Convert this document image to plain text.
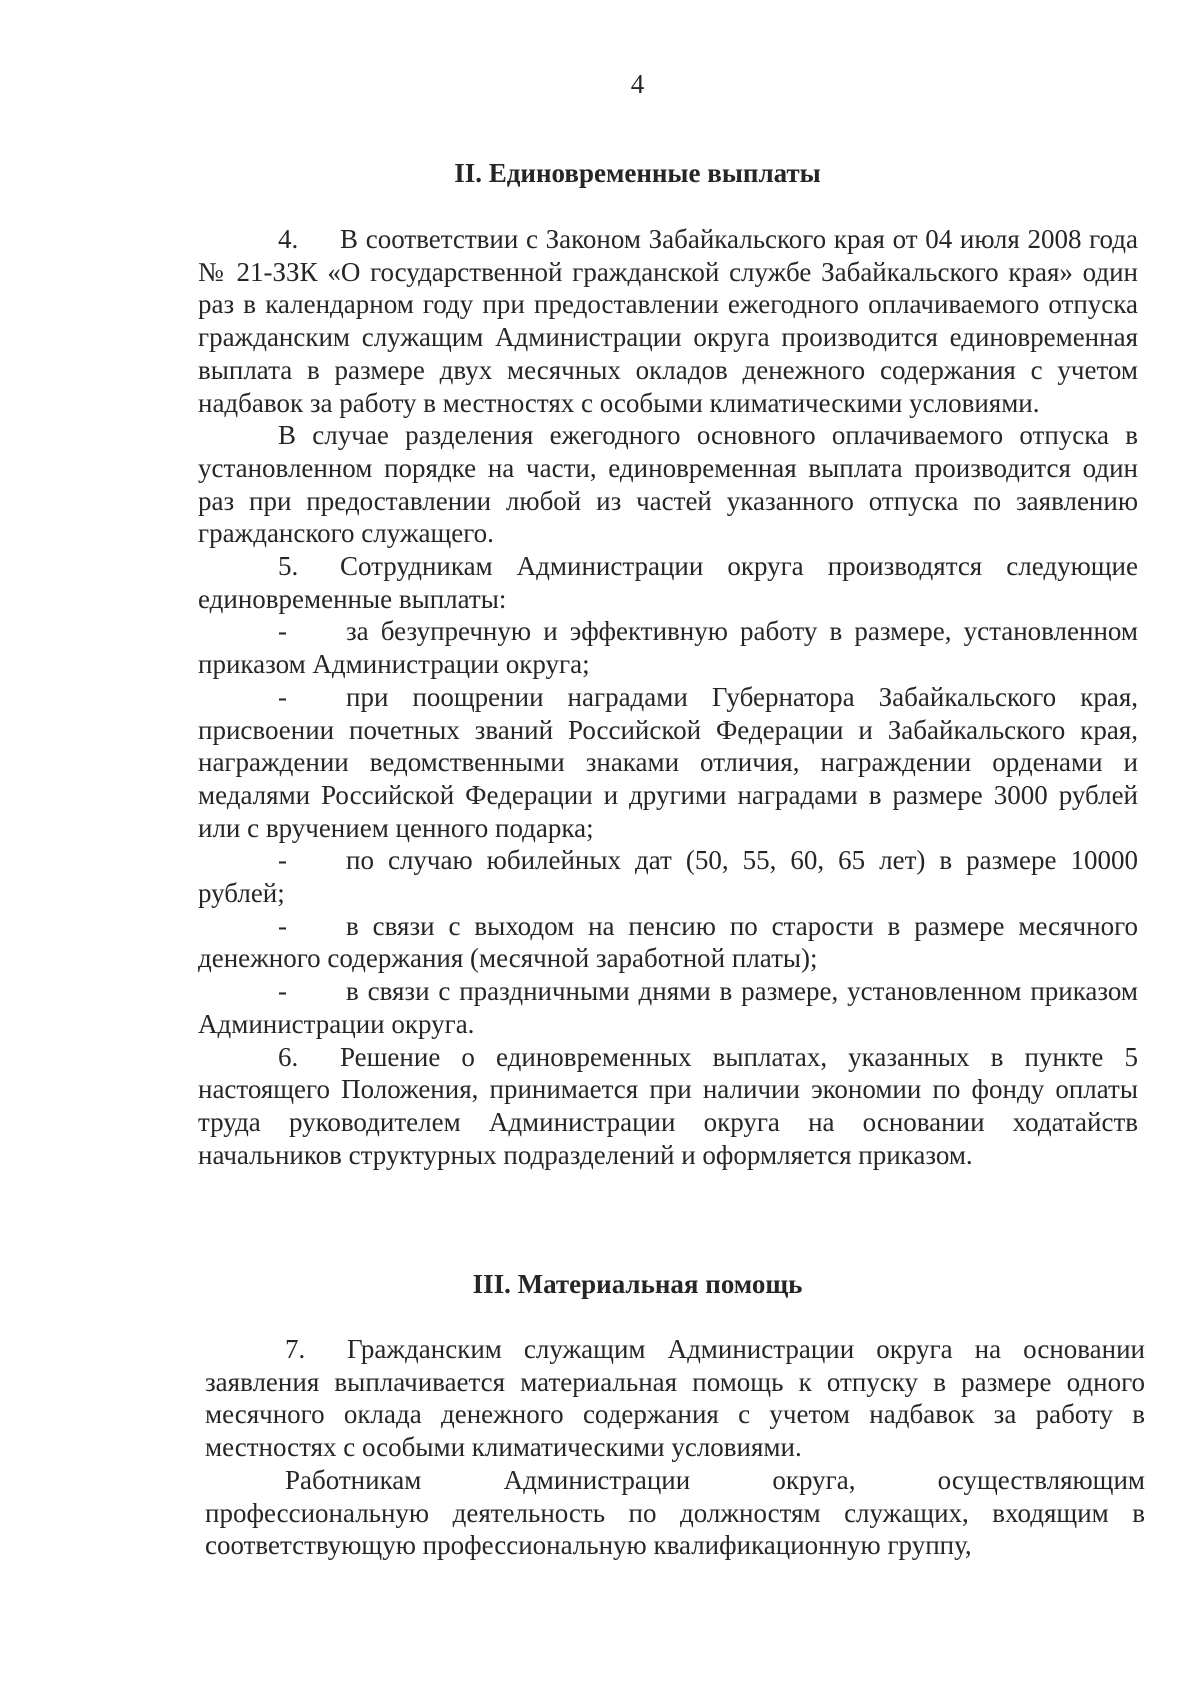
4
II. Единовременные выплаты

4. В соответствии с Законом Забайкальского края от 04 июля 2008 года № 21-ЗЗК «О государственной гражданской службе Забайкальского края» один раз в календарном году при предоставлении ежегодного оплачиваемого отпуска гражданским служащим Администрации округа производится единовременная выплата в размере двух месячных окладов денежного содержания с учетом надбавок за работу в местностях с особыми климатическими условиями.

В случае разделения ежегодного основного оплачиваемого отпуска в установленном порядке на части, единовременная выплата производится один раз при предоставлении любой из частей указанного отпуска по заявлению гражданского служащего.

5. Сотрудникам Администрации округа производятся следующие единовременные выплаты:

- за безупречную и эффективную работу в размере, установленном приказом Администрации округа;

- при поощрении наградами Губернатора Забайкальского края, присвоении почетных званий Российской Федерации и Забайкальского края, награждении ведомственными знаками отличия, награждении орденами и медалями Российской Федерации и другими наградами в размере 3000 рублей или с вручением ценного подарка;

- по случаю юбилейных дат (50, 55, 60, 65 лет) в размере 10000 рублей;

- в связи с выходом на пенсию по старости в размере месячного денежного содержания (месячной заработной платы);

- в связи с праздничными днями в размере, установленном приказом Администрации округа.

6. Решение о единовременных выплатах, указанных в пункте 5 настоящего Положения, принимается при наличии экономии по фонду оплаты труда руководителем Администрации округа на основании ходатайств начальников структурных подразделений и оформляется приказом.

III. Материальная помощь

7. Гражданским служащим Администрации округа на основании заявления выплачивается материальная помощь к отпуску в размере одного месячного оклада денежного содержания с учетом надбавок за работу в местностях с особыми климатическими условиями.

Работникам Администрации округа, осуществляющим профессиональную деятельность по должностям служащих, входящим в соответствующую профессиональную квалификационную группу,
